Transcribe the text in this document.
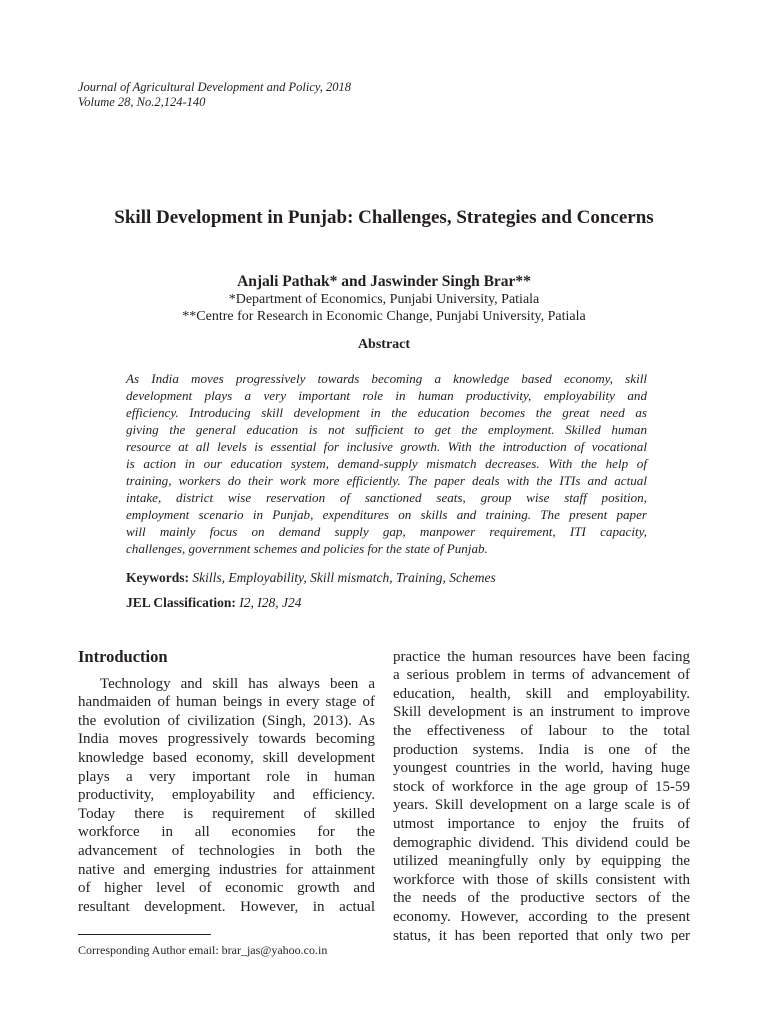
Journal of Agricultural Development and Policy, 2018
Volume 28, No.2,124-140
Skill Development in Punjab: Challenges, Strategies and Concerns
Anjali Pathak* and Jaswinder Singh Brar**
*Department of Economics, Punjabi University, Patiala
**Centre for Research in Economic Change, Punjabi University, Patiala
Abstract
As India moves progressively towards becoming a knowledge based economy, skill
development plays a very important role in human productivity, employability and
efficiency. Introducing skill development in the education becomes the great need as
giving the general education is not sufficient to get the employment. Skilled human
resource at all levels is essential for inclusive growth. With the introduction of vocational
is action in our education system, demand-supply mismatch decreases. With the help of
training, workers do their work more efficiently. The paper deals with the ITIs and actual
intake, district wise reservation of sanctioned seats, group wise staff position,
employment scenario in Punjab, expenditures on skills and training. The present paper
will mainly focus on demand supply gap, manpower requirement, ITI capacity,
challenges, government schemes and policies for the state of Punjab.
Keywords: Skills, Employability, Skill mismatch, Training, Schemes
JEL Classification: I2, I28, J24
Introduction
Technology and skill has always been a
handmaiden of human beings in every stage of
the evolution of civilization (Singh, 2013). As
India moves progressively towards becoming
knowledge based economy, skill development
plays a very important role in human
productivity, employability and efficiency.
Today there is requirement of skilled
workforce in all economies for the
advancement of technologies in both the
native and emerging industries for attainment
of higher level of economic growth and
resultant development. However, in actual
practice the human resources have been facing
a serious problem in terms of advancement of
education, health, skill and employability.
Skill development is an instrument to improve
the effectiveness of labour to the total
production systems. India is one of the
youngest countries in the world, having huge
stock of workforce in the age group of 15-59
years. Skill development on a large scale is of
utmost importance to enjoy the fruits of
demographic dividend. This dividend could be
utilized meaningfully only by equipping the
workforce with those of skills consistent with
the needs of the productive sectors of the
economy. However, according to the present
status, it has been reported that only two per
Corresponding Author email: brar_jas@yahoo.co.in
